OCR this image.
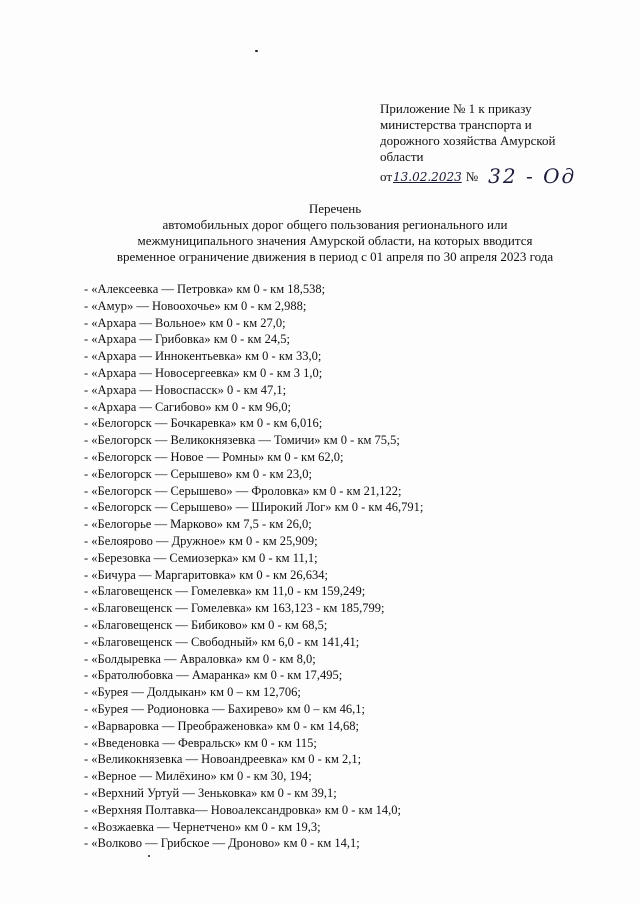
Приложение № 1 к приказу
министерства транспорта и
дорожного хозяйства Амурской
области
от 13.02.2023 № 32 - Од
Перечень
автомобильных дорог общего пользования регионального или
межмуниципального значения Амурской области, на которых вводится
временное ограничение движения в период с 01 апреля по 30 апреля 2023 года
- «Алексеевка — Петровка» км 0 - км 18,538;
- «Амур» — Новоохочье» км 0 - км 2,988;
- «Архара — Вольное» км 0 - км 27,0;
- «Архара — Грибовка» км 0 - км 24,5;
- «Архара — Иннокентьевка» км 0 - км 33,0;
- «Архара — Новосергеевка» км 0 - км 3 1,0;
- «Архара — Новоспасск» 0 - км 47,1;
- «Архара — Сагибово» км 0 - км 96,0;
- «Белогорск — Бочкаревка» км 0 - км 6,016;
- «Белогорск — Великокнязевка — Томичи» км 0 - км 75,5;
- «Белогорск — Новое — Ромны» км 0 - км 62,0;
- «Белогорск — Серышево» км 0 - км 23,0;
- «Белогорск — Серышево» — Фроловка» км 0 - км 21,122;
- «Белогорск — Серышево» — Широкий Лог» км 0 - км 46,791;
- «Белогорье — Марково» км 7,5 - км 26,0;
- «Белоярово — Дружное» км 0 - км 25,909;
- «Березовка — Семиозерка» км 0 - км 11,1;
- «Бичура — Маргаритовка» км 0 - км 26,634;
- «Благовещенск — Гомелевка» км 11,0 - км 159,249;
- «Благовещенск — Гомелевка» км 163,123 - км 185,799;
- «Благовещенск — Бибиково» км 0 - км 68,5;
- «Благовещенск — Свободный» км 6,0 - км 141,41;
- «Болдыревка — Авраловка» км 0 - км 8,0;
- «Братолюбовка — Амаранка» км 0 - км 17,495;
- «Бурея — Долдыкан» км 0 – км 12,706;
- «Бурея — Родионовка — Бахирево» км 0 – км 46,1;
- «Варваровка — Преображеновка» км 0 - км 14,68;
- «Введеновка — Февральск» км 0 - км 115;
- «Великокнязевка — Новоандреевка» км 0 - км 2,1;
- «Верное — Милёхино» км 0 - км 30, 194;
- «Верхний Уртуй — Зеньковка» км 0 - км 39,1;
- «Верхняя Полтавка— Новоалександровка» км 0 - км 14,0;
- «Возжаевка — Чернетчено» км 0 - км 19,3;
- «Волково — Грибское — Дроново» км 0 - км 14,1;
